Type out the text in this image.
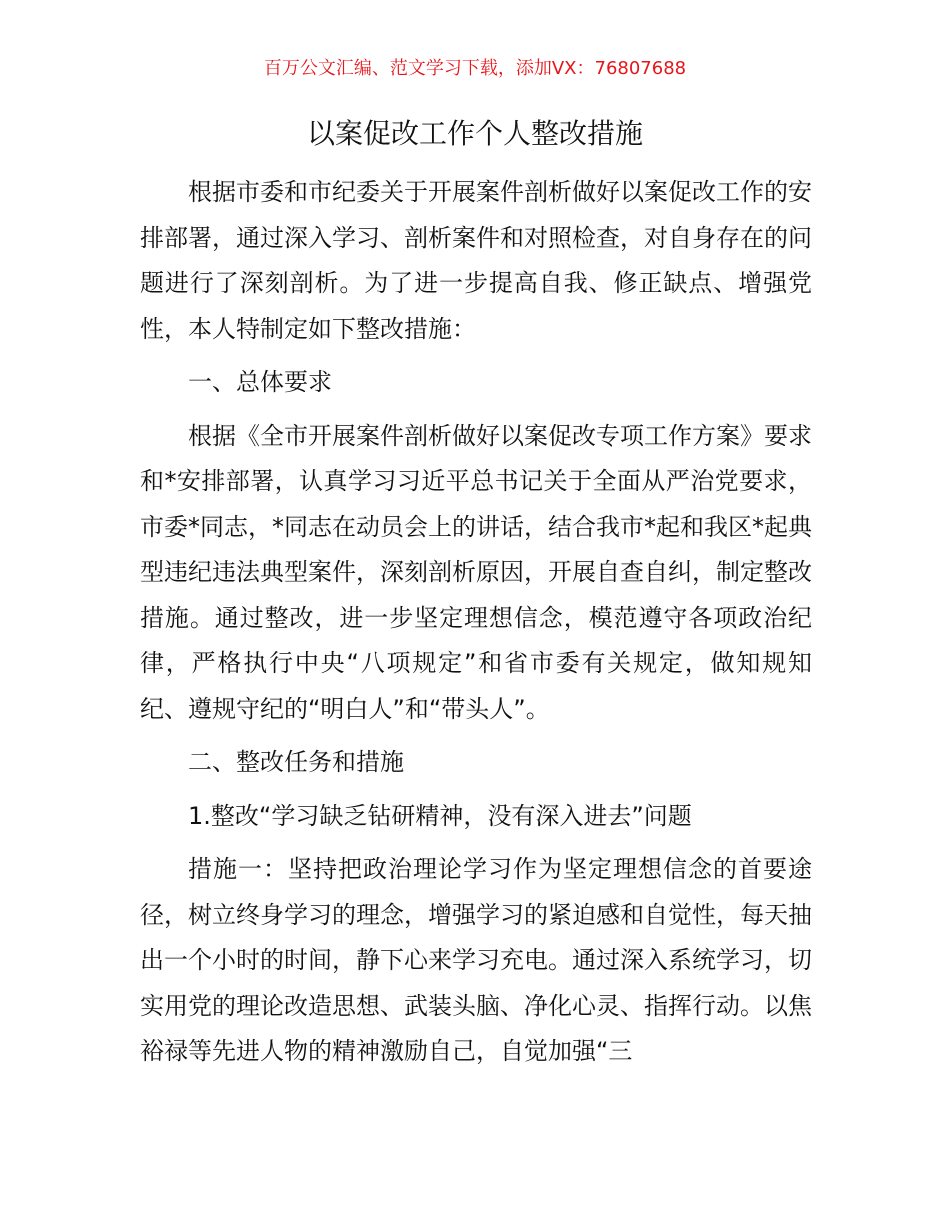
百万公文汇编、范文学习下载，添加VX：76807688
以案促改工作个人整改措施

根据市委和市纪委关于开展案件剖析做好以案促改工作的安排部署，通过深入学习、剖析案件和对照检查，对自身存在的问题进行了深刻剖析。为了进一步提高自我、修正缺点、增强党性，本人特制定如下整改措施：

一、总体要求

根据《全市开展案件剖析做好以案促改专项工作方案》要求和*安排部署，认真学习习近平总书记关于全面从严治党要求，市委*同志，*同志在动员会上的讲话，结合我市*起和我区*起典型违纪违法典型案件，深刻剖析原因，开展自查自纠，制定整改措施。通过整改，进一步坚定理想信念，模范遵守各项政治纪律，严格执行中央“八项规定”和省市委有关规定，做知规知纪、遵规守纪的“明白人”和“带头人”。

二、整改任务和措施

1.整改“学习缺乏钻研精神，没有深入进去”问题

措施一：坚持把政治理论学习作为坚定理想信念的首要途径，树立终身学习的理念，增强学习的紧迫感和自觉性，每天抽出一个小时的时间，静下心来学习充电。通过深入系统学习，切实用党的理论改造思想、武装头脑、净化心灵、指挥行动。以焦裕禄等先进人物的精神激励自己，自觉加强“三
